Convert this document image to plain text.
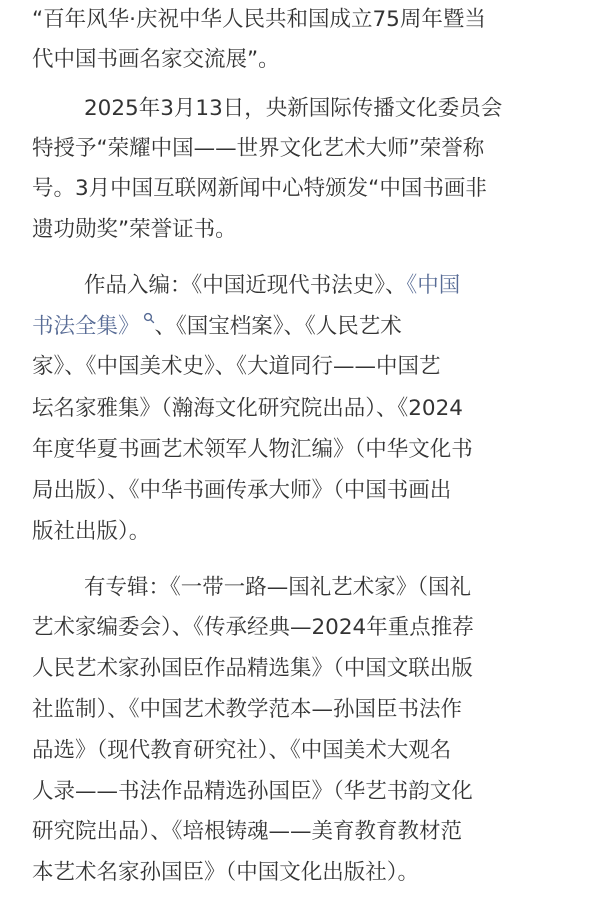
“百年风华·庆祝中华人民共和国成立75周年暨当
代中国书画名家交流展”。
2025年3月13日，央新国际传播文化委员会
特授予“荣耀中国——世界文化艺术大师”荣誉称
号。3月中国互联网新闻中心特颁发“中国书画非
遗功勋奖”荣誉证书。
作品入编：《中国近现代书法史》、《中国
书法全集》 、《国宝档案》、《人民艺术
家》、《中国美术史》、《大道同行——中国艺
坛名家雅集》（瀚海文化研究院出品）、《2024
年度华夏书画艺术领军人物汇编》（中华文化书
局出版）、《中华书画传承大师》（中国书画出
版社出版）。
有专辑：《一带一路—国礼艺术家》（国礼
艺术家编委会）、《传承经典—2024年重点推荐
人民艺术家孙国臣作品精选集》（中国文联出版
社监制）、《中国艺术教学范本—孙国臣书法作
品选》（现代教育研究社）、《中国美术大观名
人录——书法作品精选孙国臣》（华艺书韵文化
研究院出品）、《培根铸魂——美育教育教材范
本艺术名家孙国臣》（中国文化出版社）。
